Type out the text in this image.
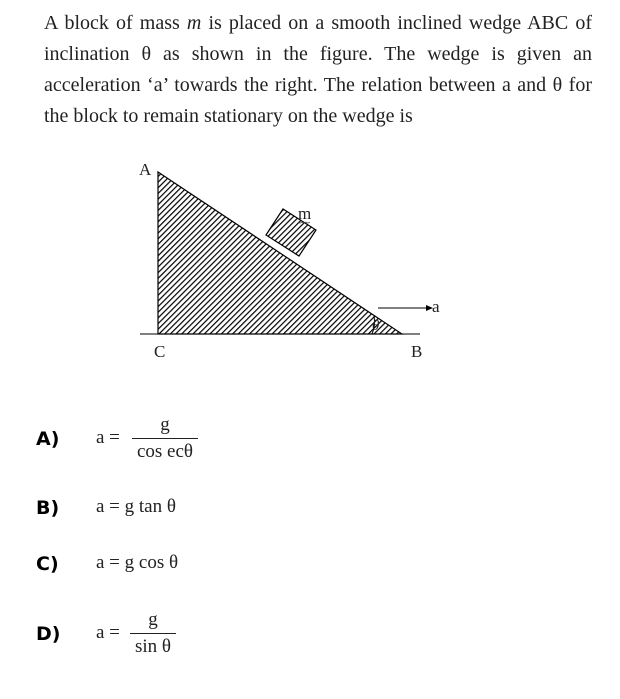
A block of mass m is placed on a smooth inclined wedge ABC of inclination θ as shown in the figure. The wedge is given an acceleration ‘a’ towards the right. The relation between a and θ for the block to remain stationary on the wedge is

A
C	B
m
a
θ
A) a =
g
cos ecθ
B) a = g tan θ
C) a = g cos θ
D) a =
g
sin θ
